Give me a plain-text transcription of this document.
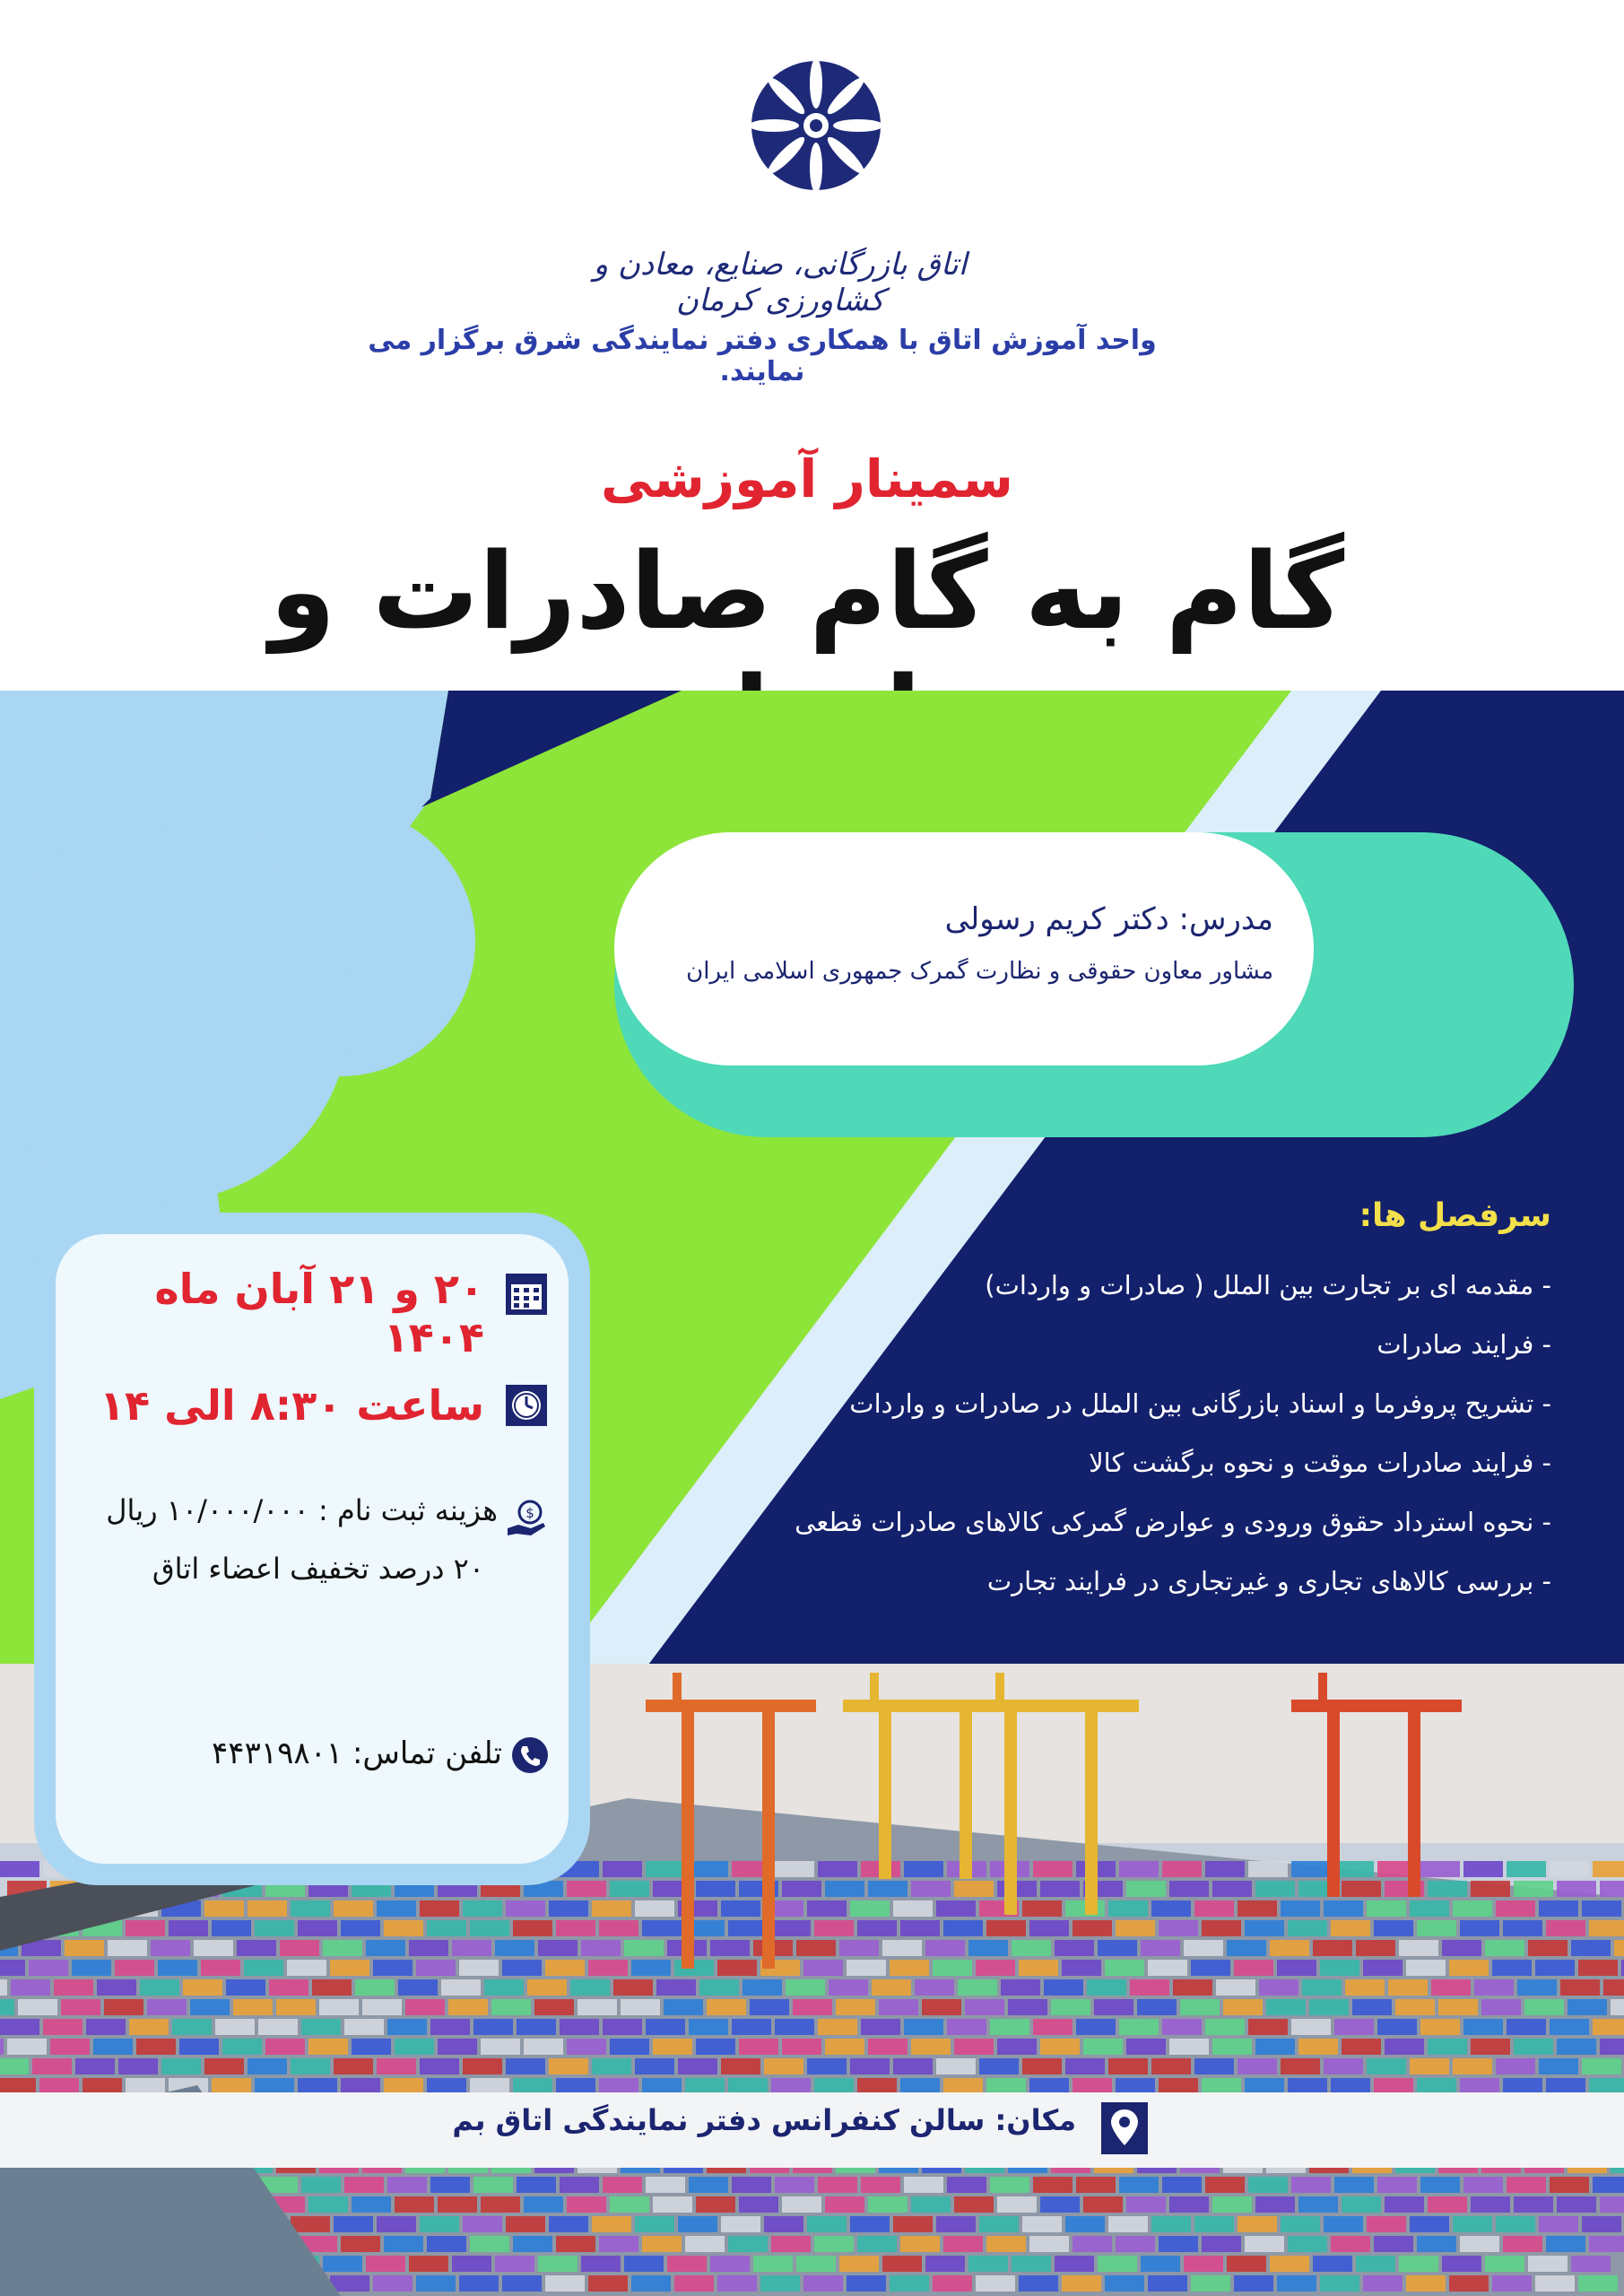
اتاق بازرگانی، صنایع، معادن و کشاورزی کرمان
واحد آموزش اتاق با همکاری دفتر نمایندگی شرق برگزار می نمایند.
سمینار آموزشی
گام به گام صادرات و
مدرس: دکتر کریم رسولی
مشاور معاون حقوقی و نظارت گمرک جمهوری اسلامی ایران
سرفصل ها:
- مقدمه ای بر تجارت بین الملل ( صادرات و واردات)
- فرایند صادرات
- تشریح پروفرما و اسناد بازرگانی بین الملل در صادرات و واردات
- فرایند صادرات موقت و نحوه برگشت کالا
- نحوه استرداد حقوق ورودی و عوارض گمرکی کالاهای صادرات قطعی
- بررسی کالاهای تجاری و غیرتجاری در فرایند تجارت
۲۰ و ۲۱ آبان ماه ۱۴۰۴
ساعت ۸:۳۰ الی ۱۴
$
هزینه ثبت نام : ۱۰/۰۰۰/۰۰۰ ریال
۲۰ درصد تخفیف اعضاء اتاق
تلفن تماس: ۴۴۳۱۹۸۰۱
مکان: سالن کنفرانس دفتر نمایندگی اتاق بم
